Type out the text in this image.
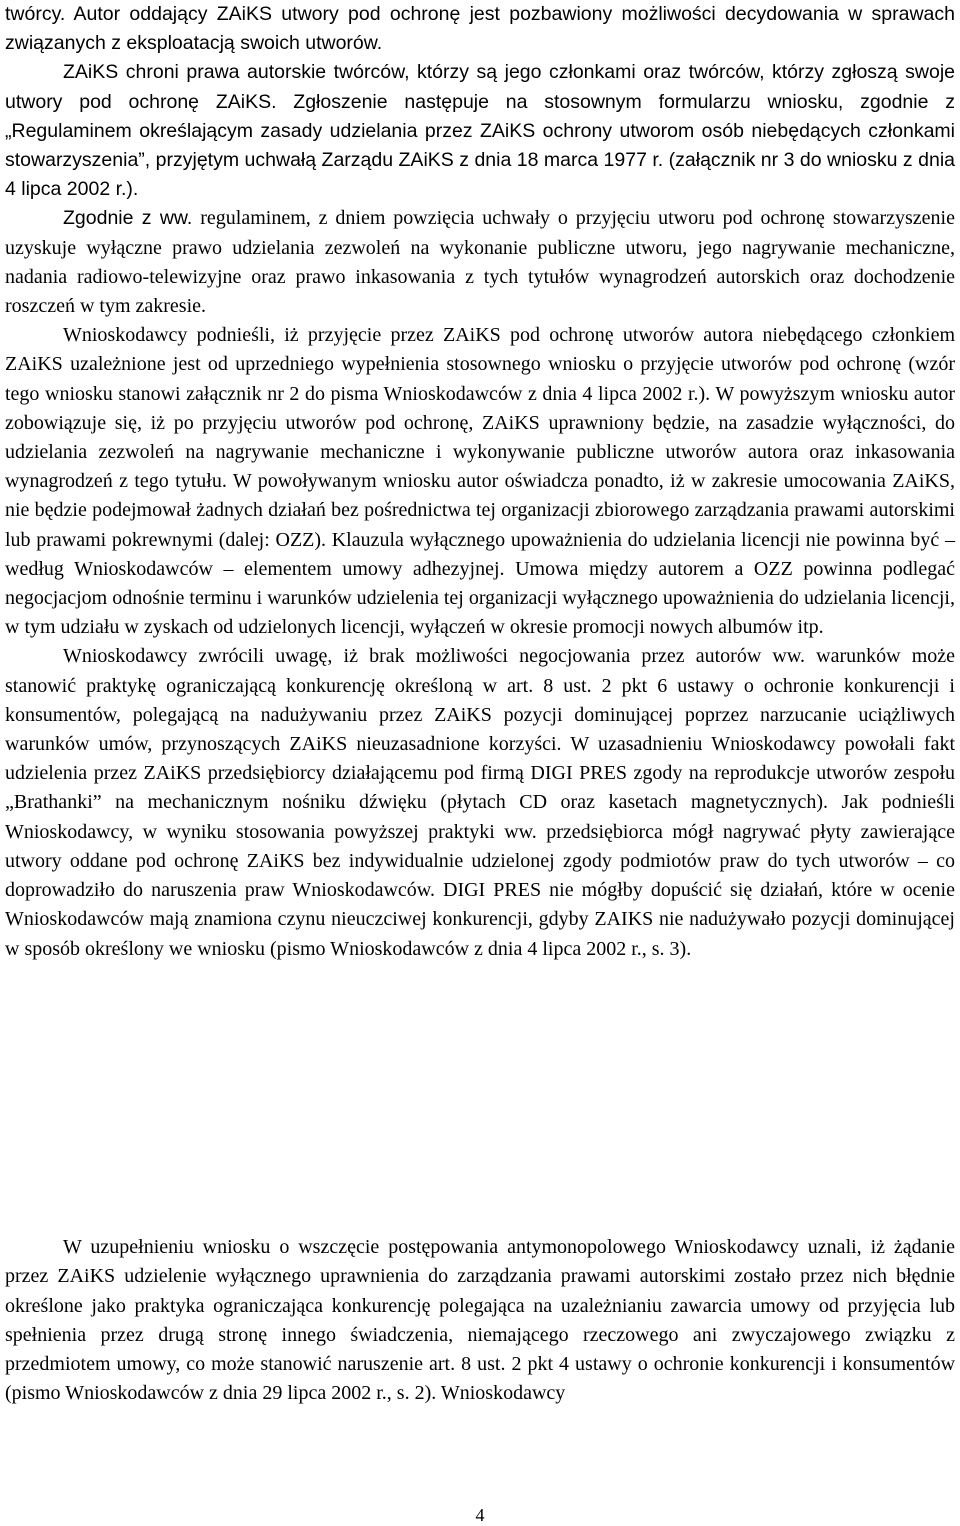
twórcy. Autor oddający ZAiKS utwory pod ochronę jest pozbawiony możliwości decydowania w sprawach związanych z eksploatacją swoich utworów.

ZAiKS chroni prawa autorskie twórców, którzy są jego członkami oraz twórców, którzy zgłoszą swoje utwory pod ochronę ZAiKS. Zgłoszenie następuje na stosownym formularzu wniosku, zgodnie z „Regulaminem określającym zasady udzielania przez ZAiKS ochrony utworom osób niebędących członkami stowarzyszenia”, przyjętym uchwałą Zarządu ZAiKS z dnia 18 marca 1977 r. (załącznik nr 3 do wniosku z dnia 4 lipca 2002 r.).

Zgodnie z ww. regulaminem, z dniem powzięcia uchwały o przyjęciu utworu pod ochronę stowarzyszenie uzyskuje wyłączne prawo udzielania zezwoleń na wykonanie publiczne utworu, jego nagrywanie mechaniczne, nadania radiowo-telewizyjne oraz prawo inkasowania z tych tytułów wynagrodzeń autorskich oraz dochodzenie roszczeń w tym zakresie.

Wnioskodawcy podnieśli, iż przyjęcie przez ZAiKS pod ochronę utworów autora niebędącego członkiem ZAiKS uzależnione jest od uprzedniego wypełnienia stosownego wniosku o przyjęcie utworów pod ochronę (wzór tego wniosku stanowi załącznik nr 2 do pisma Wnioskodawców z dnia 4 lipca 2002 r.). W powyższym wniosku autor zobowiązuje się, iż po przyjęciu utworów pod ochronę, ZAiKS uprawniony będzie, na zasadzie wyłączności, do udzielania zezwoleń na nagrywanie mechaniczne i wykonywanie publiczne utworów autora oraz inkasowania wynagrodzeń z tego tytułu. W powoływanym wniosku autor oświadcza ponadto, iż w zakresie umocowania ZAiKS, nie będzie podejmował żadnych działań bez pośrednictwa tej organizacji zbiorowego zarządzania prawami autorskimi lub prawami pokrewnymi (dalej: OZZ). Klauzula wyłącznego upoważnienia do udzielania licencji nie powinna być – według Wnioskodawców – elementem umowy adhezyjnej. Umowa między autorem a OZZ powinna podlegać negocjacjom odnośnie terminu i warunków udzielenia tej organizacji wyłącznego upoważnienia do udzielania licencji, w tym udziału w zyskach od udzielonych licencji, wyłączeń w okresie promocji nowych albumów itp.

Wnioskodawcy zwrócili uwagę, iż brak możliwości negocjowania przez autorów ww. warunków może stanowić praktykę ograniczającą konkurencję określoną w art. 8 ust. 2 pkt 6 ustawy o ochronie konkurencji i konsumentów, polegającą na nadużywaniu przez ZAiKS pozycji dominującej poprzez narzucanie uciążliwych warunków umów, przynoszących ZAiKS nieuzasadnione korzyści. W uzasadnieniu Wnioskodawcy powołali fakt udzielenia przez ZAiKS przedsiębiorcy działającemu pod firmą DIGI PRES zgody na reprodukcje utworów zespołu „Brathanki” na mechanicznym nośniku dźwięku (płytach CD oraz kasetach magnetycznych). Jak podnieśli Wnioskodawcy, w wyniku stosowania powyższej praktyki ww. przedsiębiorca mógł nagrywać płyty zawierające utwory oddane pod ochronę ZAiKS bez indywidualnie udzielonej zgody podmiotów praw do tych utworów – co doprowadziło do naruszenia praw Wnioskodawców. DIGI PRES nie mógłby dopuścić się działań, które w ocenie Wnioskodawców mają znamiona czynu nieuczciwej konkurencji, gdyby ZAIKS nie nadużywało pozycji dominującej w sposób określony we wniosku (pismo Wnioskodawców z dnia 4 lipca 2002 r., s. 3).

W uzupełnieniu wniosku o wszczęcie postępowania antymonopolowego Wnioskodawcy uznali, iż żądanie przez ZAiKS udzielenie wyłącznego uprawnienia do zarządzania prawami autorskimi zostało przez nich błędnie określone jako praktyka ograniczająca konkurencję polegająca na uzależnianiu zawarcia umowy od przyjęcia lub spełnienia przez drugą stronę innego świadczenia, niemającego rzeczowego ani zwyczajowego związku z przedmiotem umowy, co może stanowić naruszenie art. 8 ust. 2 pkt 4 ustawy o ochronie konkurencji i konsumentów (pismo Wnioskodawców z dnia 29 lipca 2002 r., s. 2). Wnioskodawcy

4
